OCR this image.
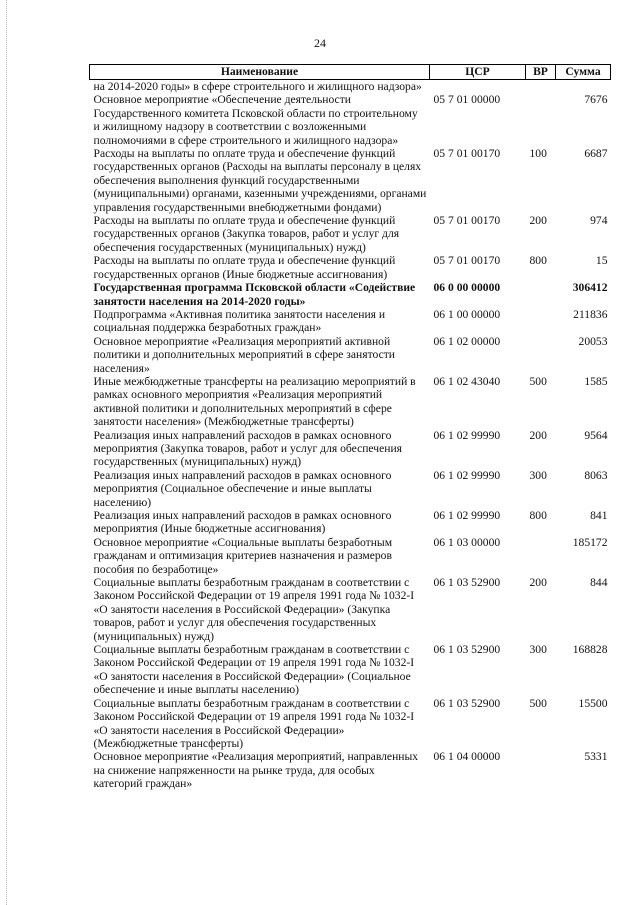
24
Наименование	ЦСР	ВР	Сумма
на 2014-2020 годы» в сфере строительного и жилищного надзора»			
Основное мероприятие «Обеспечение деятельности Государственного комитета Псковской области по строительному и жилищному надзору в соответствии с возложенными полномочиями в сфере строительного и жилищного надзора»	05 7 01 00000		7676
Расходы на выплаты по оплате труда и обеспечение функций государственных органов (Расходы на выплаты персоналу в целях обеспечения выполнения функций государственными (муниципальными) органами, казенными учреждениями, органами управления государственными внебюджетными фондами)	05 7 01 00170	100	6687
Расходы на выплаты по оплате труда и обеспечение функций государственных органов (Закупка товаров, работ и услуг для обеспечения государственных (муниципальных) нужд)	05 7 01 00170	200	974
Расходы на выплаты по оплате труда и обеспечение функций государственных органов (Иные бюджетные ассигнования)	05 7 01 00170	800	15
Государственная программа Псковской области «Содействие занятости населения на 2014-2020 годы»	06 0 00 00000		306412
Подпрограмма «Активная политика занятости населения и социальная поддержка безработных граждан»	06 1 00 00000		211836
Основное мероприятие «Реализация мероприятий активной политики и дополнительных мероприятий в сфере занятости населения»	06 1 02 00000		20053
Иные межбюджетные трансферты на реализацию мероприятий в рамках основного мероприятия «Реализация мероприятий активной политики и дополнительных мероприятий в сфере занятости населения» (Межбюджетные трансферты)	06 1 02 43040	500	1585
Реализация иных направлений расходов в рамках основного мероприятия (Закупка товаров, работ и услуг для обеспечения государственных (муниципальных) нужд)	06 1 02 99990	200	9564
Реализация иных направлений расходов в рамках основного мероприятия (Социальное обеспечение и иные выплаты населению)	06 1 02 99990	300	8063
Реализация иных направлений расходов в рамках основного мероприятия (Иные бюджетные ассигнования)	06 1 02 99990	800	841
Основное мероприятие «Социальные выплаты безработным гражданам и оптимизация критериев назначения и размеров пособия по безработице»	06 1 03 00000		185172
Социальные выплаты безработным гражданам в соответствии с Законом Российской Федерации от 19 апреля 1991 года № 1032-I «О занятости населения в Российской Федерации» (Закупка товаров, работ и услуг для обеспечения государственных (муниципальных) нужд)	06 1 03 52900	200	844
Социальные выплаты безработным гражданам в соответствии с Законом Российской Федерации от 19 апреля 1991 года № 1032-I «О занятости населения в Российской Федерации» (Социальное обеспечение и иные выплаты населению)	06 1 03 52900	300	168828
Социальные выплаты безработным гражданам в соответствии с Законом Российской Федерации от 19 апреля 1991 года № 1032-I «О занятости населения в Российской Федерации» (Межбюджетные трансферты)	06 1 03 52900	500	15500
Основное мероприятие «Реализация мероприятий, направленных на снижение напряженности на рынке труда, для особых категорий граждан»	06 1 04 00000		5331
